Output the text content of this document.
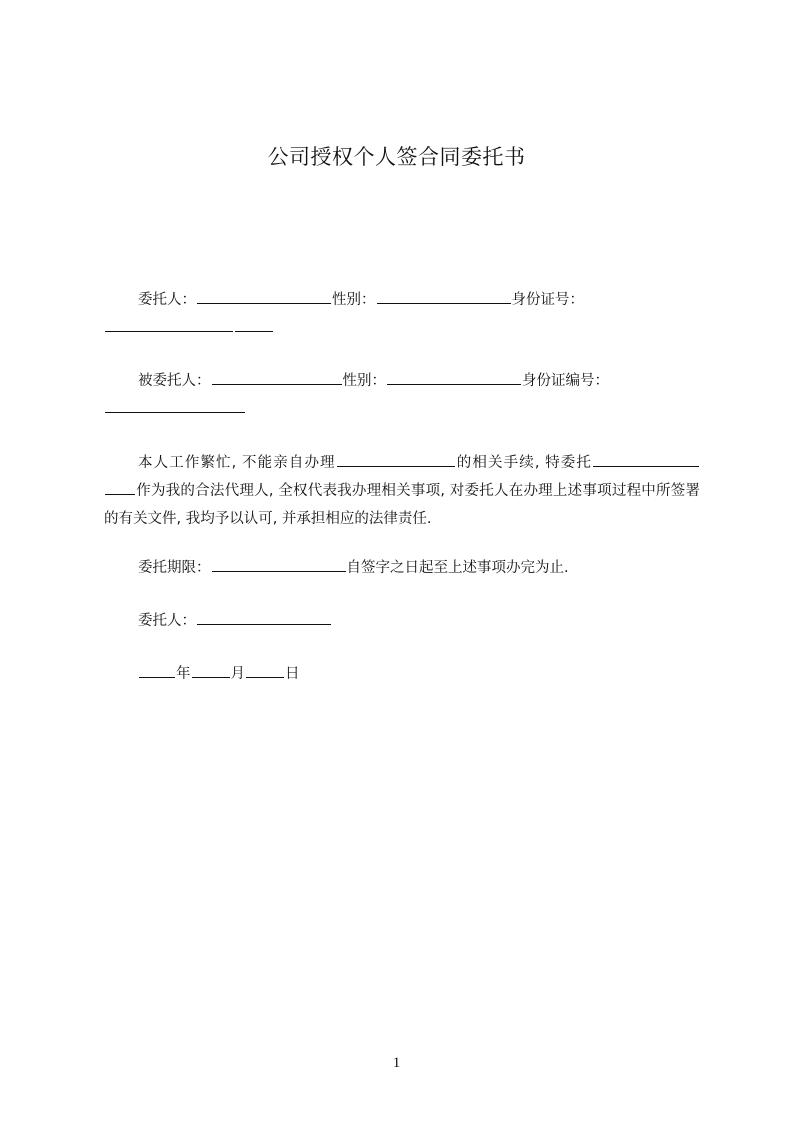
公司授权个人签合同委托书
委托人：	性别：	身份证号：
被委托人：	性别：	身份证编号：
本人工作繁忙, 不能亲自办理	的相关手续, 特委托作为我的合法代理人, 全权代表我办理相关事项, 对委托人在办理上述事项过程中所签署的有关文件, 我均予以认可, 并承担相应的法律责任.
委托期限：	自签字之日起至上述事项办完为止.
委托人：
年	月	日
1
